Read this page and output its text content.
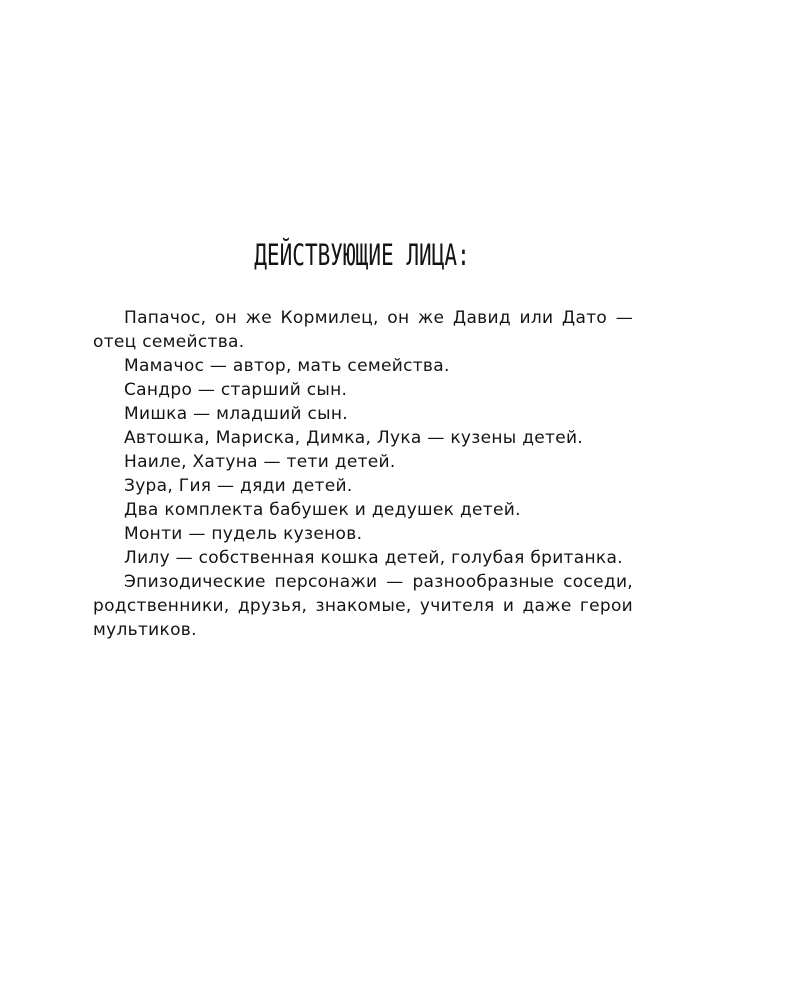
ДЕЙСТВУЮЩИЕ ЛИЦА:

Папачос, он же Кормилец, он же Давид или Дато — отец семейства.

Мамачос — автор, мать семейства.

Сандро — старший сын.

Мишка — младший сын.

Автошка, Мариска, Димка, Лука — кузены детей.

Наиле, Хатуна — тети детей.

Зура, Гия — дяди детей.

Два комплекта бабушек и дедушек детей.

Монти — пудель кузенов.

Лилу — собственная кошка детей, голубая британка.

Эпизодические персонажи — разнообразные соседи, родственники, друзья, знакомые, учителя и даже герои мультиков.
